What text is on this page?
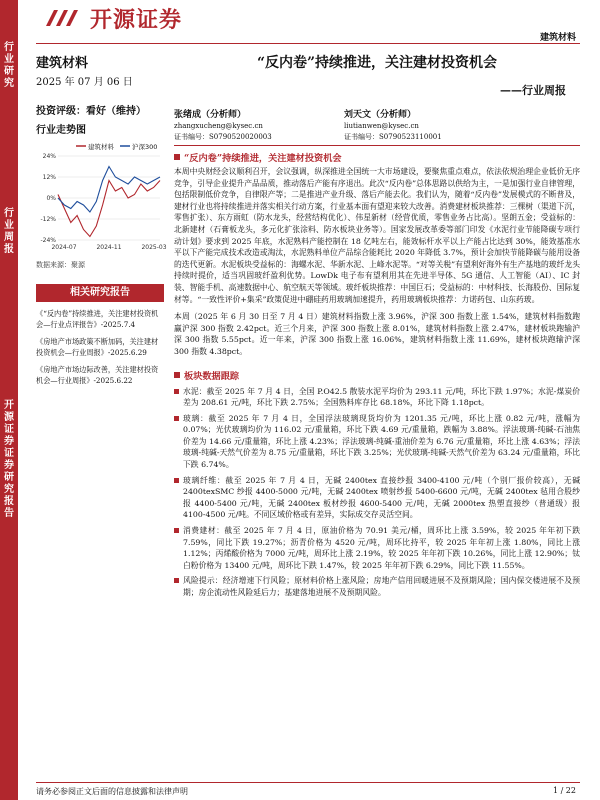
行业研究
行业周报
开源证券 证券研究报告
开源证券
建筑材料
建筑材料
2025 年 07 月 06 日
投资评级：看好（维持）
行业走势图
建筑材料	沪深300
24%
12%
0%
-12%
-24%
2024-07	2024-11	2025-03
数据来源：聚源
相关研究报告
《“反内卷”持续推进，关注建材投资机会—行业点评报告》-2025.7.4
《房地产市场政策不断加码，关注建材投资机会—行业周报》-2025.6.29
《房地产市场边际改善，关注建材投资机会—行业周报》-2025.6.22
“反内卷”持续推进，关注建材投资机会
——行业周报
张绪成（分析师）
zhangxucheng@kysec.cn
证书编号：S0790520020003
刘天文（分析师）
liutianwen@kysec.cn
证书编号：S0790523110001
“反内卷”持续推进，关注建材投资机会
本周中央财经会议顺利召开，会议强调，纵深推进全国统一大市场建设，要聚焦重点难点，依法依规治理企业低价无序竞争，引导企业提升产品品质，推动落后产能有序退出。此次“反内卷”总体思路以供给为主，一是加强行业自律管理，包括限制低价竞争，自律限产等；二是推进产业升级、落后产能去化。我们认为，随着“反内卷”发展模式的不断普及，建材行业也将持续推进并落实相关行动方案，行业基本面有望迎来较大改善。消费建材板块推荐：三棵树（渠道下沉，零售扩张）、东方雨虹（防水龙头，经营结构优化）、伟星新材（经营优质，零售业务占比高）。坚朗五金；受益标的：北新建材（石膏板龙头，多元化扩张涂料、防水板块业务等）。国家发展改革委等部门印发《水泥行业节能降碳专项行动计划》要求到 2025 年底，水泥熟料产能控制在 18 亿吨左右，能效标杆水平以上产能占比达到 30%，能效基准水平以下产能完成技术改造或淘汰，水泥熟料单位产品综合能耗比 2020 年降低 3.7%，预计会加快节能降碳与能用设备的迭代更新。水泥板块受益标的：海螺水泥、华新水泥、上峰水泥等。“对等关税”有望利好海外有生产基地的玻纤龙头持续时提价，适当巩固玻纤盈利优势。LowDk 电子布有望利用其在先进半导体、5G 通信、人工智能（AI）、IC 封装、智能手机、高速数据中心、航空航天等领域。玻纤板块推荐：中国巨石；受益标的：中材科技、长海股份、国际复材等。“一致性评价+集采”政策促进中硼硅药用玻璃加速提升，药用玻璃板块推荐：力诺药包、山东药玻。
本周（2025 年 6 月 30 日至 7 月 4 日）建筑材料指数上涨 3.96%，沪深 300 指数上涨 1.54%，建筑材料指数跑赢沪深 300 指数 2.42pct。近三个月来，沪深 300 指数上涨 8.01%，建筑材料指数上涨 2.47%，建材板块跑输沪深 300 指数 5.55pct。近一年来，沪深 300 指数上涨 16.06%，建筑材料指数上涨 11.69%，建材板块跑输沪深 300 指数 4.38pct。
板块数据跟踪
水泥：截至 2025 年 7 月 4 日，全国 P.O42.5 散装水泥平均价为 293.11 元/吨，环比下跌 1.97%；水泥-煤炭价差为 208.61 元/吨，环比下跌 2.75%；全国熟料库存比 68.18%，环比下降 1.18pct。
玻璃：截至 2025 年 7 月 4 日，全国浮法玻璃现货均价为 1201.35 元/吨，环比上涨 0.82 元/吨，涨幅为 0.07%；光伏玻璃均价为 116.02 元/重量箱，环比下跌 4.69 元/重量箱，跌幅为 3.88%。浮法玻璃-纯碱-石油焦价差为 14.66 元/重量箱，环比上涨 4.23%；浮法玻璃-纯碱-重油价差为 6.76 元/重量箱，环比上涨 4.63%；浮法玻璃-纯碱-天然气价差为 8.75 元/重量箱，环比下跌 3.25%；光伏玻璃-纯碱-天然气价差为 63.24 元/重量箱，环比下跌 6.74%。
玻璃纤维：截至 2025 年 7 月 4 日，无碱 2400tex 直接纱报 3400-4100 元/吨（个别厂报价较高），无碱 2400texSMC 纱报 4400-5000 元/吨，无碱 2400tex 喷射纱报 5400-6600 元/吨，无碱 2400tex 毡用合股纱报 4400-5400 元/吨，无碱 2400tex 板材纱报 4600-5400 元/吨，无碱 2000tex 热塑直接纱（普通级）报 4100-4500 元/吨。不同区域价格或有差异，实际成交存灵活空间。
消费建材：截至 2025 年 7 月 4 日，原油价格为 70.91 美元/桶，周环比上涨 3.59%，较 2025 年年初下跌 7.59%，同比下跌 19.27%；沥青价格为 4520 元/吨，周环比持平，较 2025 年年初上涨 1.80%，同比上涨 1.12%；丙烯酸价格为 7000 元/吨，周环比上涨 2.19%，较 2025 年年初下跌 10.26%，同比上涨 12.90%；钛白粉价格为 13400 元/吨，周环比下跌 1.47%，较 2025 年年初下跌 6.29%，同比下跌 11.55%。
风险提示：经济增速下行风险；原材料价格上涨风险；房地产信用回暖进展不及预期风险；国内保交楼进展不及预期；房企流动性风险延后力；基建落地进展不及预期风险。
请务必参阅正文后面的信息披露和法律声明	1 / 22
